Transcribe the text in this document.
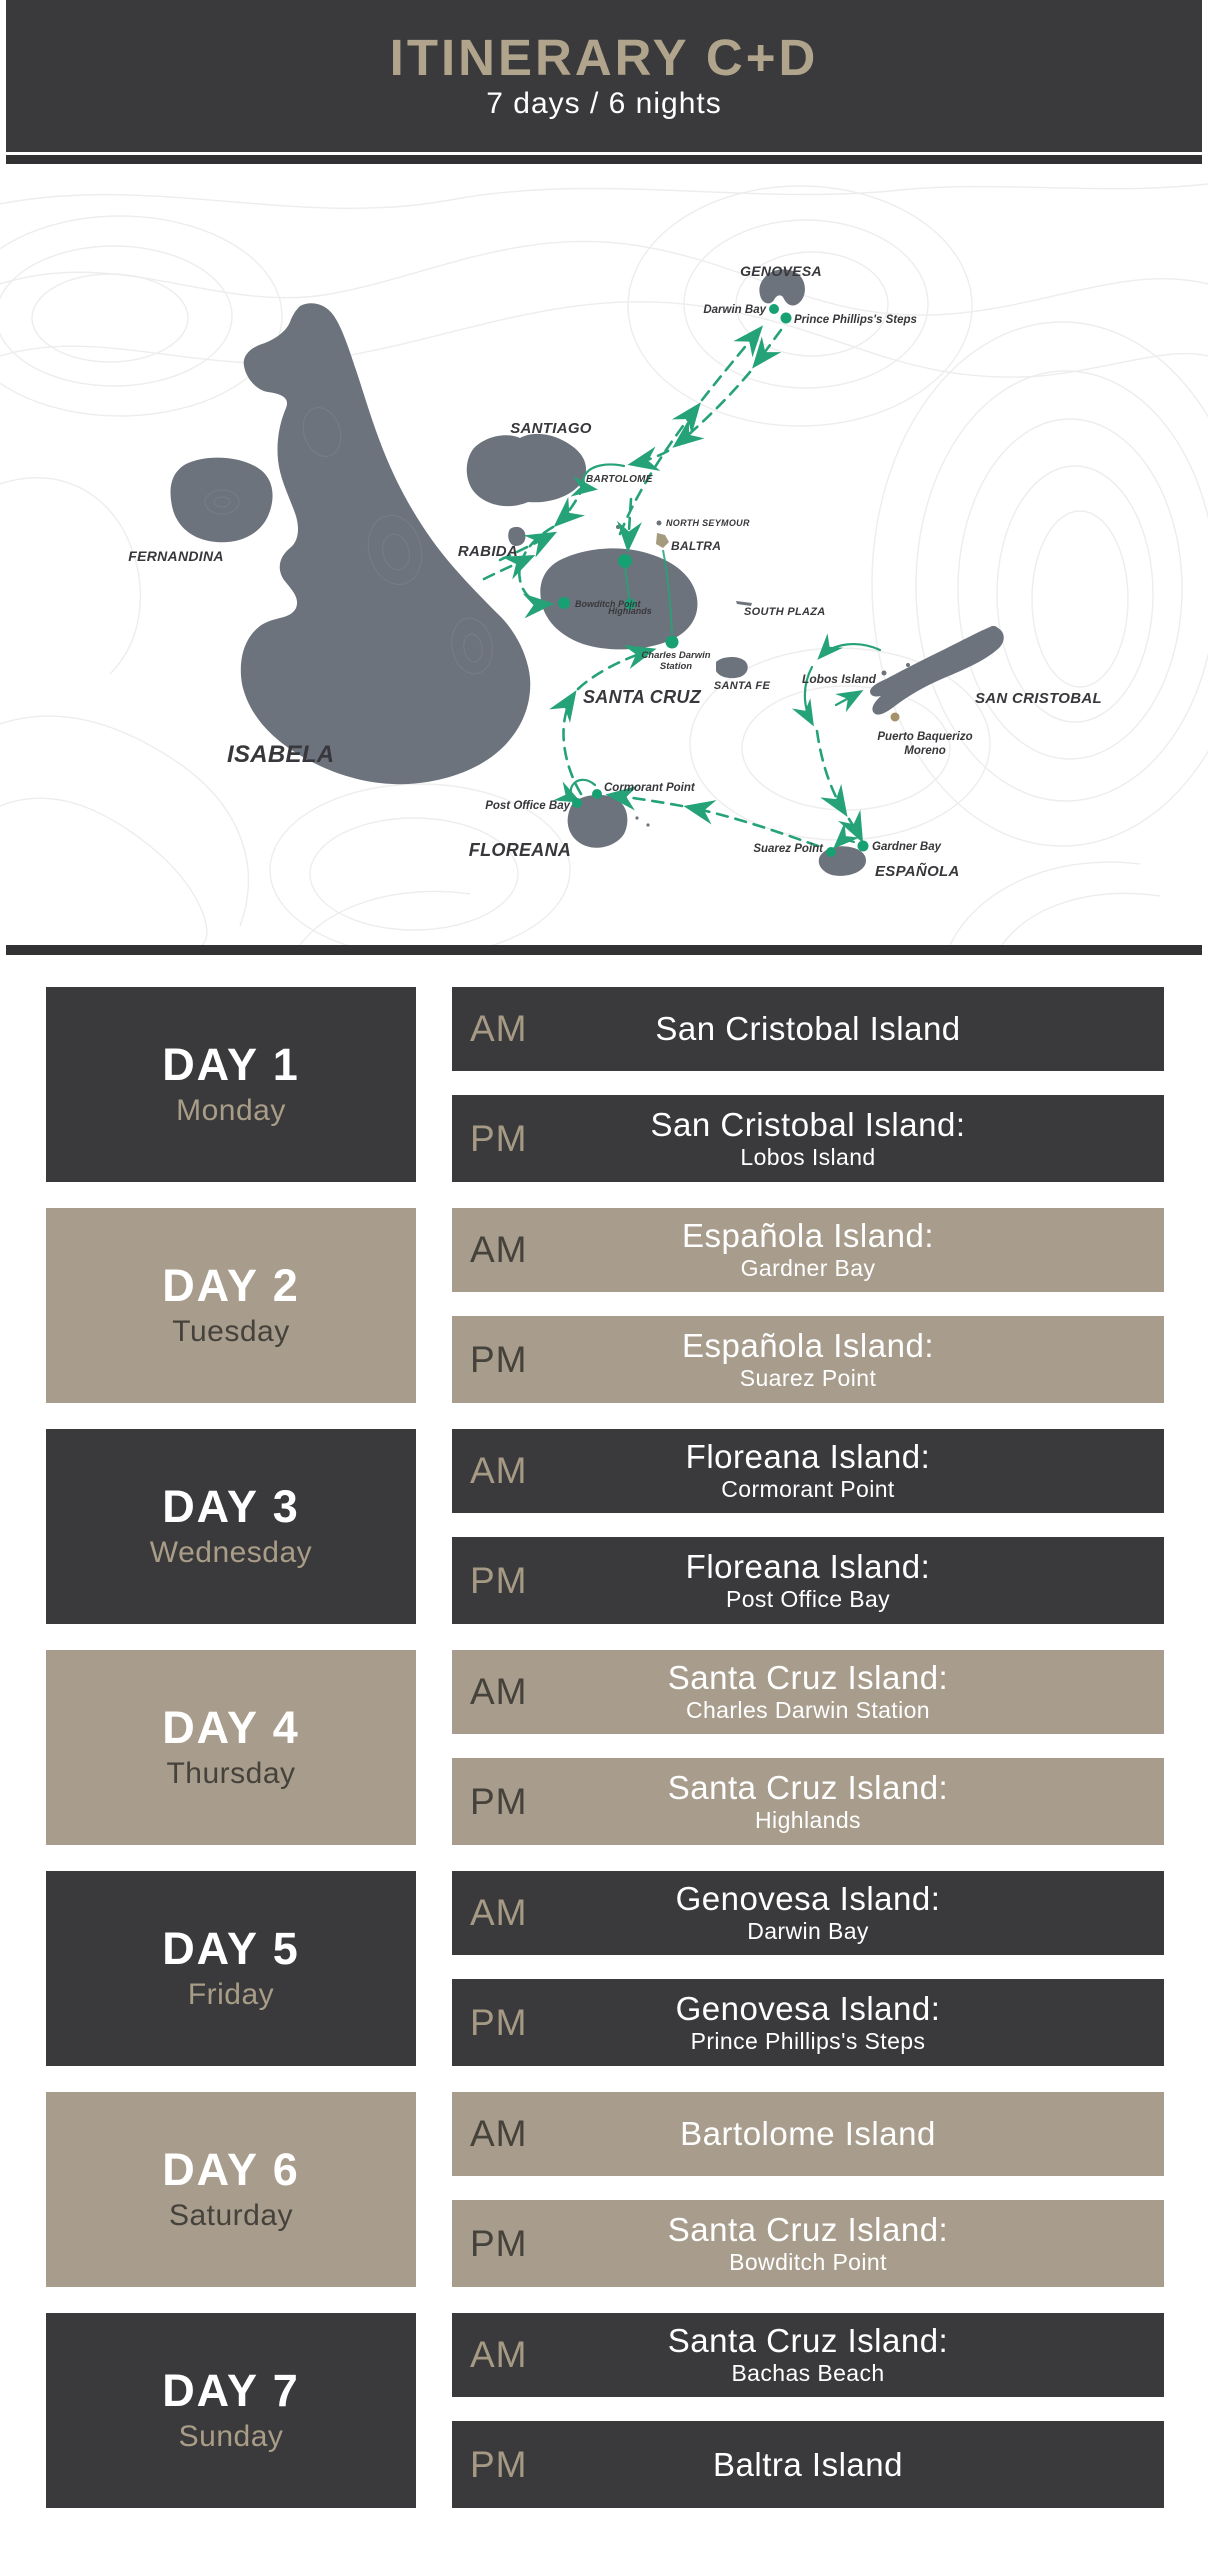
ITINERARY C+D
7 days / 6 nights
GENOVESA
SANTIAGO
BARTOLOME
RABIDA
FERNANDINA
ISABELA
SANTA CRUZ
BALTRA
NORTH SEYMOUR
SOUTH PLAZA
SANTA FE
SAN CRISTOBAL
FLOREANA
ESPAÑOLA
Darwin Bay
Prince Phillips's Steps
Bowditch Point
Highlands
Charles Darwin
Station
Lobos Island
Puerto Baquerizo
Moreno
Gardner Bay
Suarez Point
Cormorant Point
Post Office Bay
DAY 1
Monday
AM	San Cristobal Island
PM	San Cristobal Island:
Lobos Island
DAY 2
Tuesday
AM	Española Island:
Gardner Bay
PM	Española Island:
Suarez Point
DAY 3
Wednesday
AM	Floreana Island:
Cormorant Point
PM	Floreana Island:
Post Office Bay
DAY 4
Thursday
AM	Santa Cruz Island:
Charles Darwin Station
PM	Santa Cruz Island:
Highlands
DAY 5
Friday
AM	Genovesa Island:
Darwin Bay
PM	Genovesa Island:
Prince Phillips's Steps
DAY 6
Saturday
AM	Bartolome Island
PM	Santa Cruz Island:
Bowditch Point
DAY 7
Sunday
AM	Santa Cruz Island:
Bachas Beach
PM	Baltra Island
